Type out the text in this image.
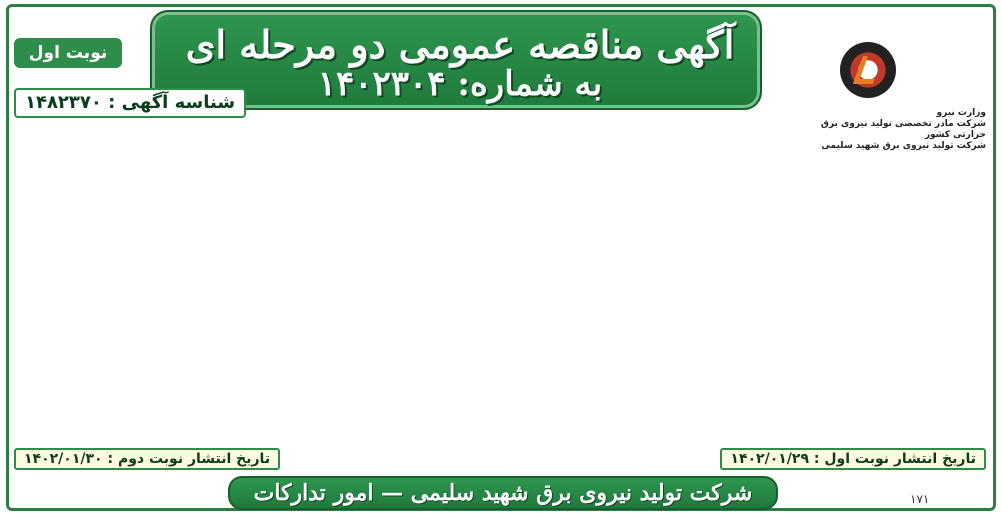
آگهی مناقصه عمومی دو مرحله ای
به شماره: ۱۴۰۲۳۰۴
نوبت اول
شناسه آگهی : ۱۴۸۲۳۷۰	وزارت نیرو
شرکت مادر تخصصی تولید نیروی برق حرارتی کشور
شرکت تولید نیروی برق شهید سلیمی
تاریخ انتشار نوبت اول : ۱۴۰۲/۰۱/۲۹
تاریخ انتشار نوبت دوم : ۱۴۰۲/۰۱/۳۰
شرکت تولید نیروی برق شهید سلیمی — امور تدارکات	۱۷۱
